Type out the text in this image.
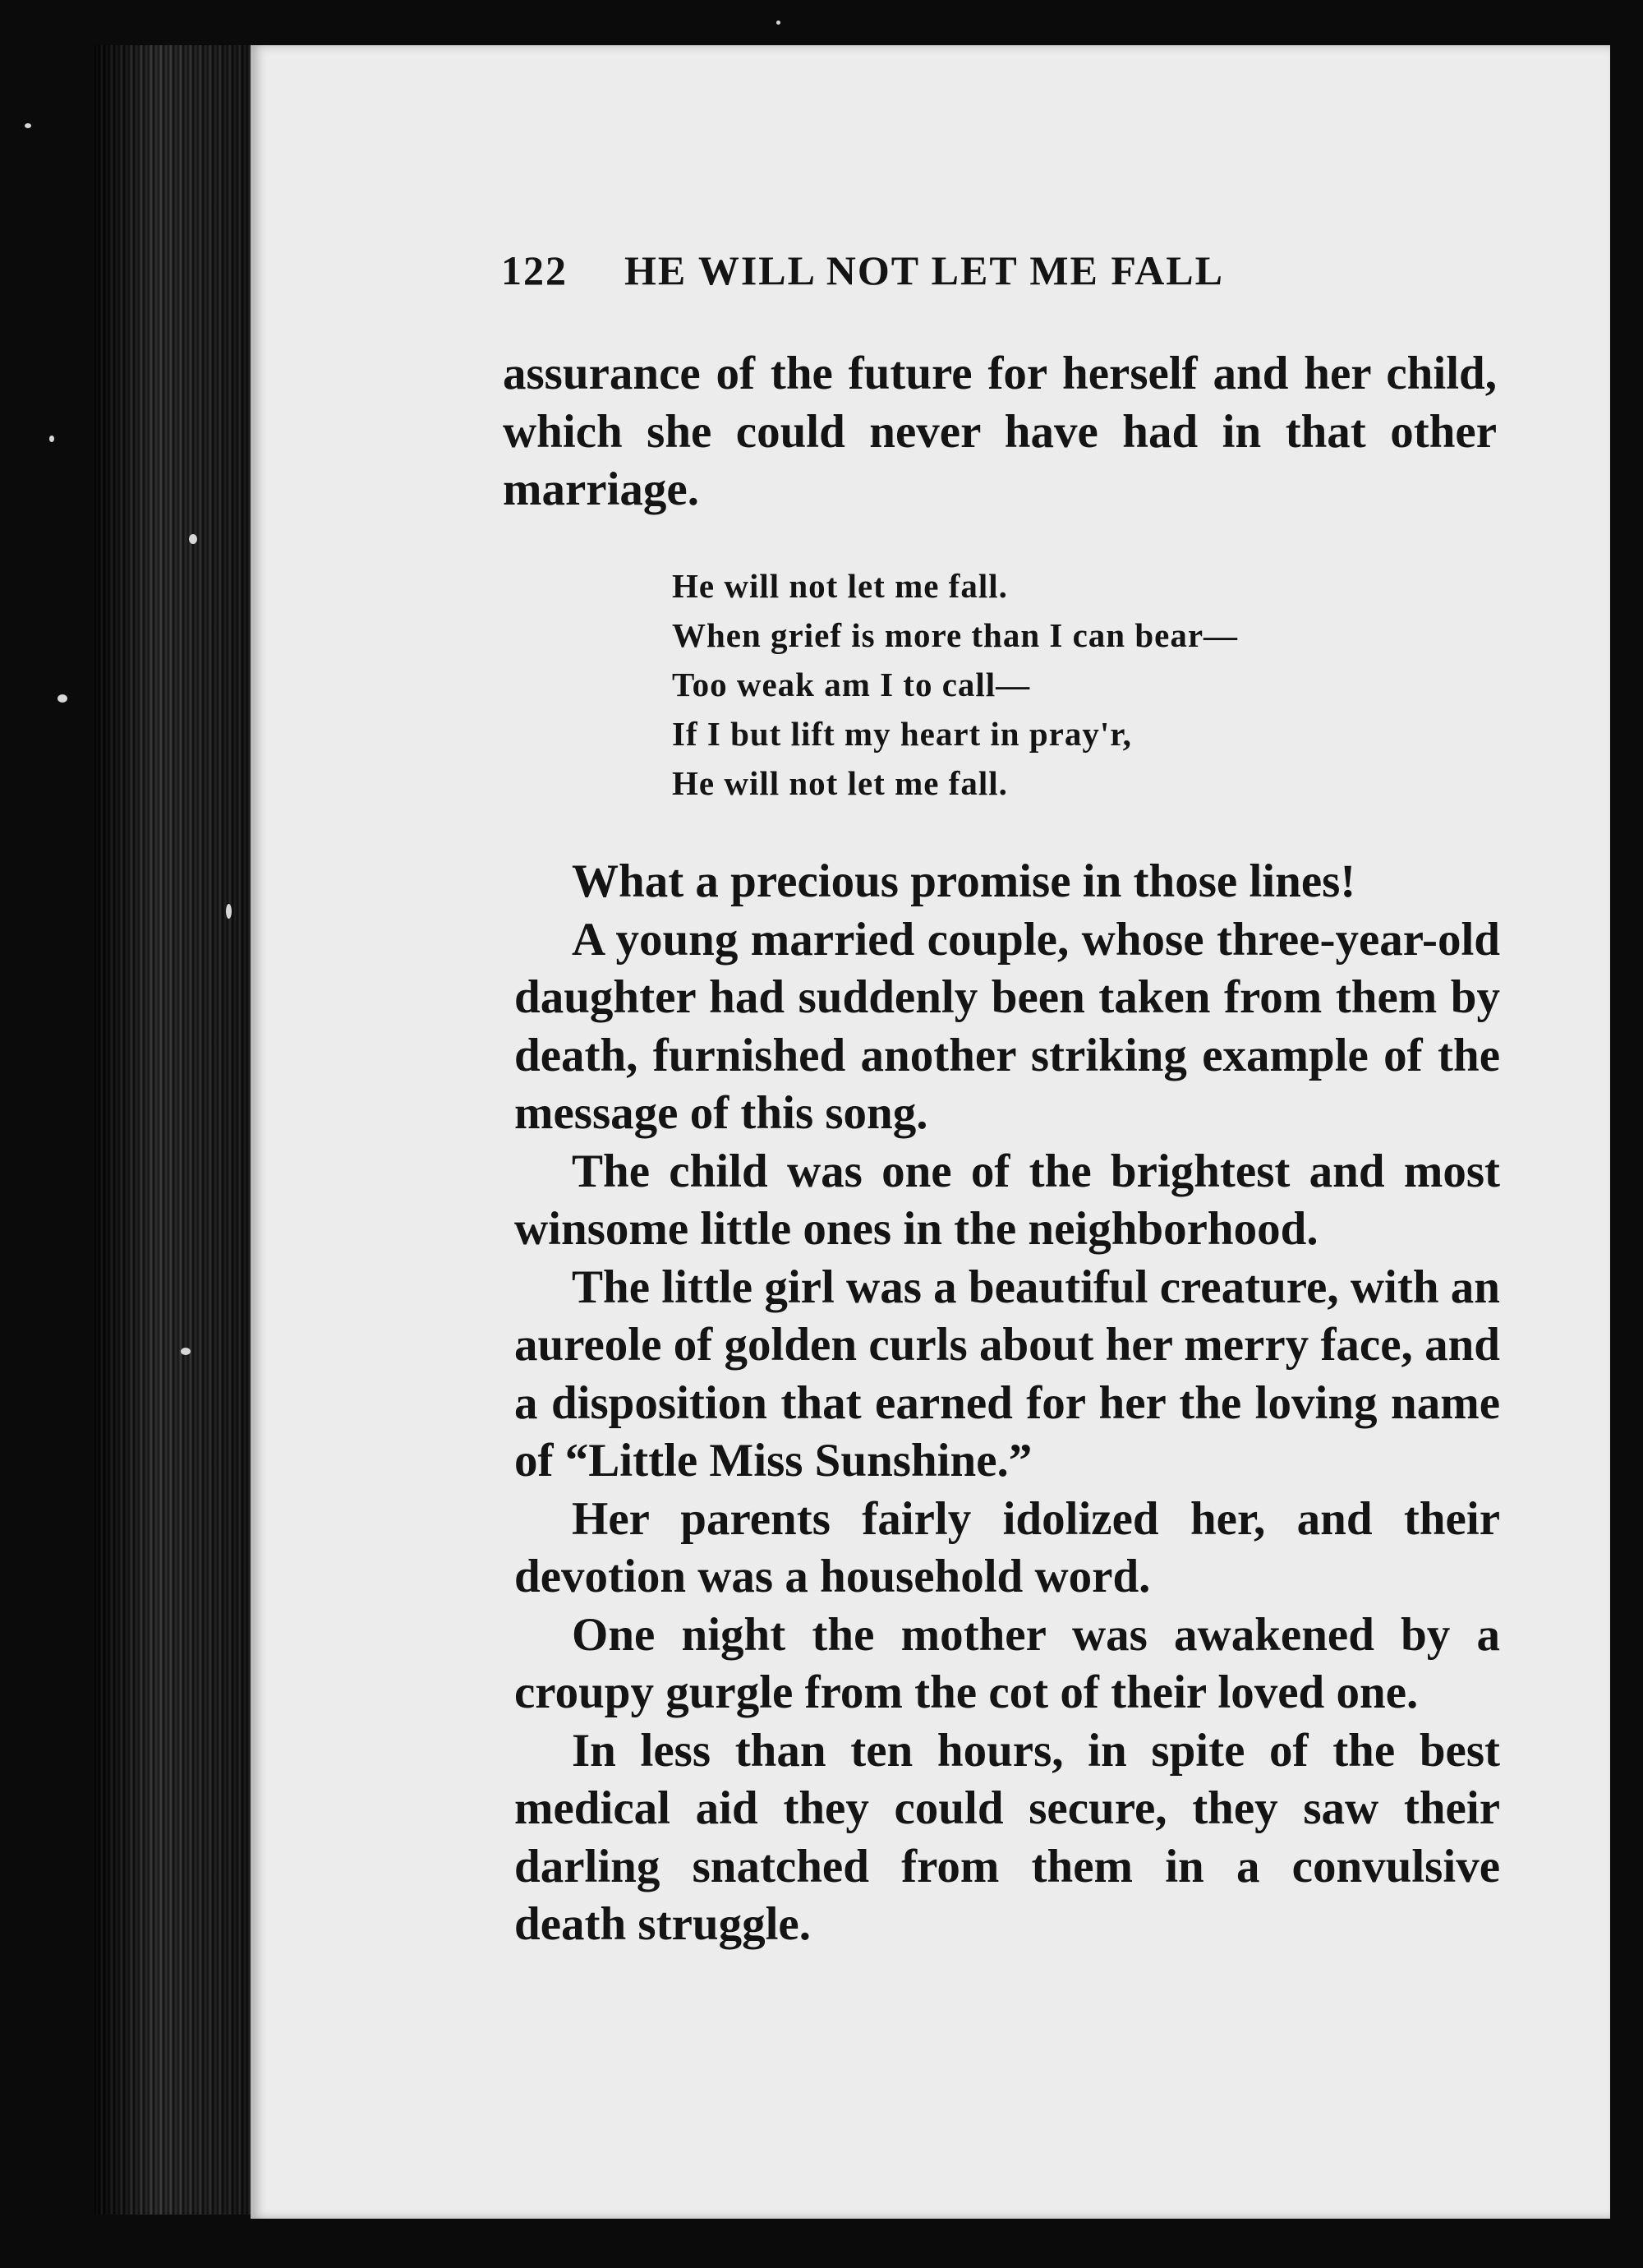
122 HE WILL NOT LET ME FALL

assurance of the future for herself and her child, which she could never have had in that other marriage.

He will not let me fall.
When grief is more than I can bear—
Too weak am I to call—
If I but lift my heart in pray'r,
He will not let me fall.

What a precious promise in those lines!

A young married couple, whose three-year-old daughter had suddenly been taken from them by death, furnished another striking example of the message of this song.

The child was one of the brightest and most winsome little ones in the neighborhood.

The little girl was a beautiful creature, with an aureole of golden curls about her merry face, and a disposition that earned for her the loving name of “Little Miss Sunshine.”

Her parents fairly idolized her, and their devotion was a household word.

One night the mother was awakened by a croupy gurgle from the cot of their loved one.

In less than ten hours, in spite of the best medical aid they could secure, they saw their darling snatched from them in a convulsive death struggle.
